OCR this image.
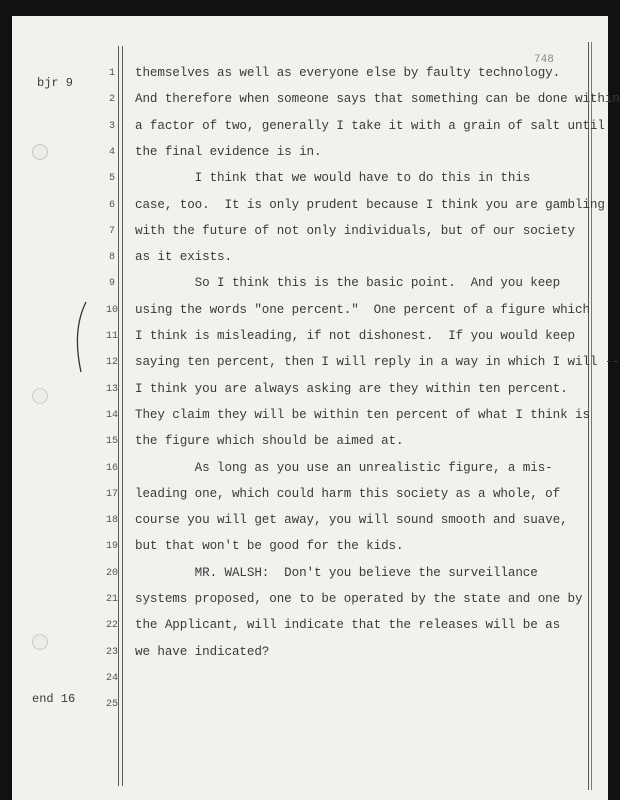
bjr 9
748
end 16
1
2
3
4
5
6
7
8
9
10
11
12
13
14
15
16
17
18
19
20
21
22
23
24
25
themselves as well as everyone else by faulty technology.
And therefore when someone says that something can be done within
a factor of two, generally I take it with a grain of salt until
the final evidence is in.
I think that we would have to do this in this
case, too.  It is only prudent because I think you are gambling
with the future of not only individuals, but of our society
as it exists.
So I think this is the basic point.  And you keep
using the words "one percent."  One percent of a figure which
I think is misleading, if not dishonest.  If you would keep
saying ten percent, then I will reply in a way in which I will --
I think you are always asking are they within ten percent.
They claim they will be within ten percent of what I think is
the figure which should be aimed at.
As long as you use an unrealistic figure, a mis-
leading one, which could harm this society as a whole, of
course you will get away, you will sound smooth and suave,
but that won't be good for the kids.
MR. WALSH:  Don't you believe the surveillance
systems proposed, one to be operated by the state and one by
the Applicant, will indicate that the releases will be as
we have indicated?
